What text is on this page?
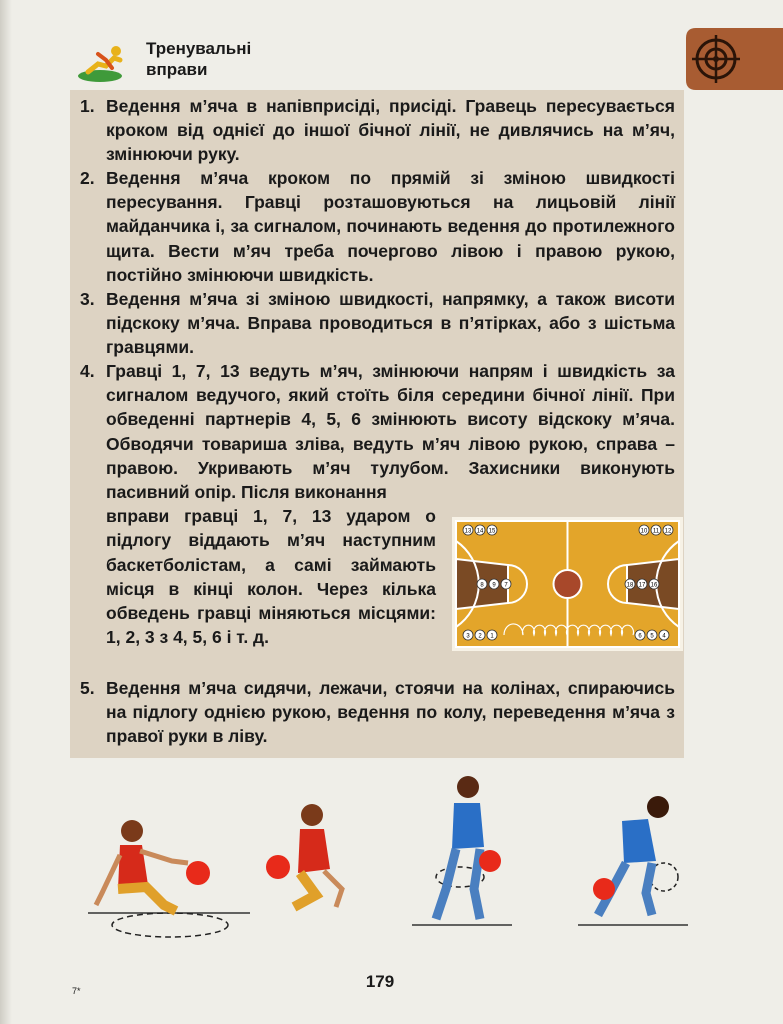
Тренувальні
вправи

1. Ведення м’яча в напівприсіді, присіді. Гравець пересувається кроком від однієї до іншої бічної лінії, не дивлячись на м’яч, змінюючи руку.

2. Ведення м’яча кроком по прямій зі зміною швидкості пересування. Гравці розташовуються на лицьовій лінії майданчика і, за сигналом, починають ведення до протилежного щита. Вести м’яч треба почергово лівою і правою рукою, постійно змінюючи швидкість.

3. Ведення м’яча зі зміною швидкості, напрямку, а також висоти підскоку м’яча. Вправа проводиться в п’ятірках, або з шістьма гравцями.

4. Гравці 1, 7, 13 ведуть м’яч, змінюючи напрям і швидкість за сигналом ведучого, який стоїть біля середини бічної лінії. При обведенні партнерів 4, 5, 6 змінюють висоту відскоку м’яча. Обводячи товариша зліва, ведуть м’яч лівою рукою, справа – правою. Укривають м’яч тулубом. Захисники виконують пасивний опір. Після виконання
вправи гравці 1, 7, 13 ударом о підлогу віддають м’яч наступним баскетболістам, а самі займають місця в кінці колон. Через кілька обведень гравці міняються місцями: 1, 2, 3 з 4, 5, 6 і т. д.

5. Ведення м’яча сидячи, лежачи, стоячи на колінах, спираючись на підлогу однією рукою, ведення по колу, переведення м’яча з правої руки в ліву.

13 14 15	10 11 12
8 9 7	18 17 16
3 2 1	6 5 4
179
7*
